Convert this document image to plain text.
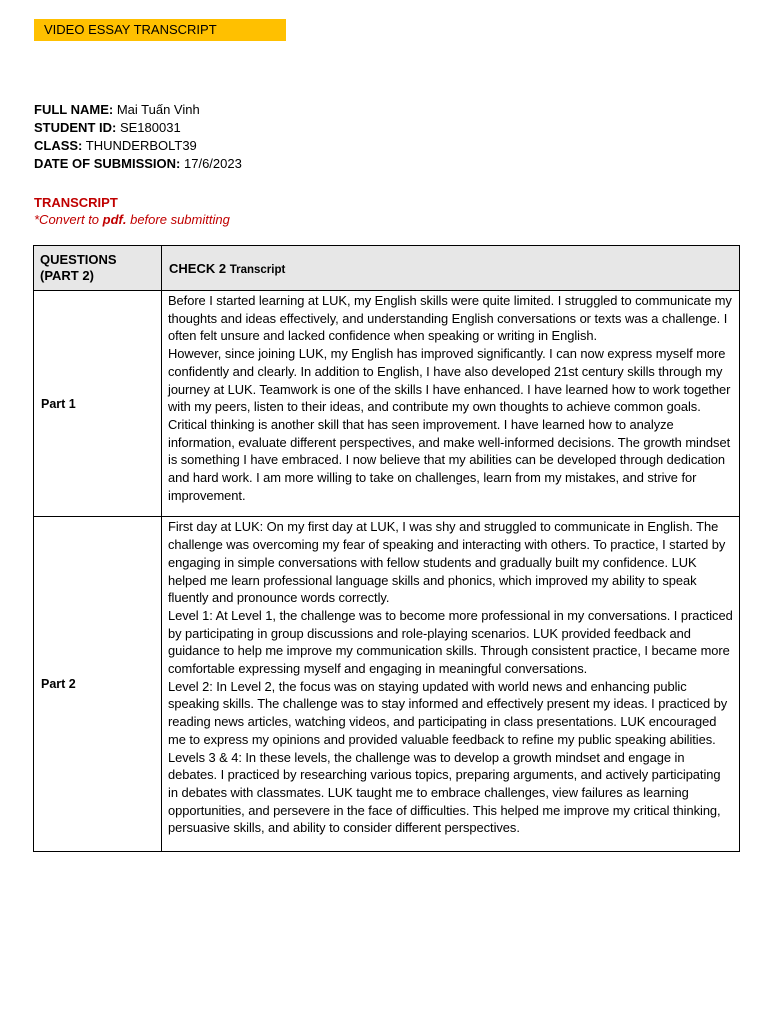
VIDEO ESSAY TRANSCRIPT
FULL NAME: Mai Tuấn Vinh
STUDENT ID: SE180031
CLASS: THUNDERBOLT39
DATE OF SUBMISSION: 17/6/2023
TRANSCRIPT
*Convert to pdf. before submitting
QUESTIONS
(PART 2)	CHECK 2 Transcript
Part 1	Before I started learning at LUK, my English skills were quite limited. I struggled to communicate my thoughts and ideas effectively, and understanding English conversations or texts was a challenge. I often felt unsure and lacked confidence when speaking or writing in English.

However, since joining LUK, my English has improved significantly. I can now express myself more confidently and clearly. In addition to English, I have also developed 21st century skills through my journey at LUK. Teamwork is one of the skills I have enhanced. I have learned how to work together with my peers, listen to their ideas, and contribute my own thoughts to achieve common goals.

Critical thinking is another skill that has seen improvement. I have learned how to analyze information, evaluate different perspectives, and make well-informed decisions. The growth mindset is something I have embraced. I now believe that my abilities can be developed through dedication and hard work. I am more willing to take on challenges, learn from my mistakes, and strive for improvement.

Part 2	First day at LUK: On my first day at LUK, I was shy and struggled to communicate in English. The challenge was overcoming my fear of speaking and interacting with others. To practice, I started by engaging in simple conversations with fellow students and gradually built my confidence. LUK helped me learn professional language skills and phonics, which improved my ability to speak fluently and pronounce words correctly.

Level 1: At Level 1, the challenge was to become more professional in my conversations. I practiced by participating in group discussions and role-playing scenarios. LUK provided feedback and guidance to help me improve my communication skills. Through consistent practice, I became more comfortable expressing myself and engaging in meaningful conversations.

Level 2: In Level 2, the focus was on staying updated with world news and enhancing public speaking skills. The challenge was to stay informed and effectively present my ideas. I practiced by reading news articles, watching videos, and participating in class presentations. LUK encouraged me to express my opinions and provided valuable feedback to refine my public speaking abilities.

Levels 3 & 4: In these levels, the challenge was to develop a growth mindset and engage in debates. I practiced by researching various topics, preparing arguments, and actively participating in debates with classmates. LUK taught me to embrace challenges, view failures as learning opportunities, and persevere in the face of difficulties. This helped me improve my critical thinking, persuasive skills, and ability to consider different perspectives.
